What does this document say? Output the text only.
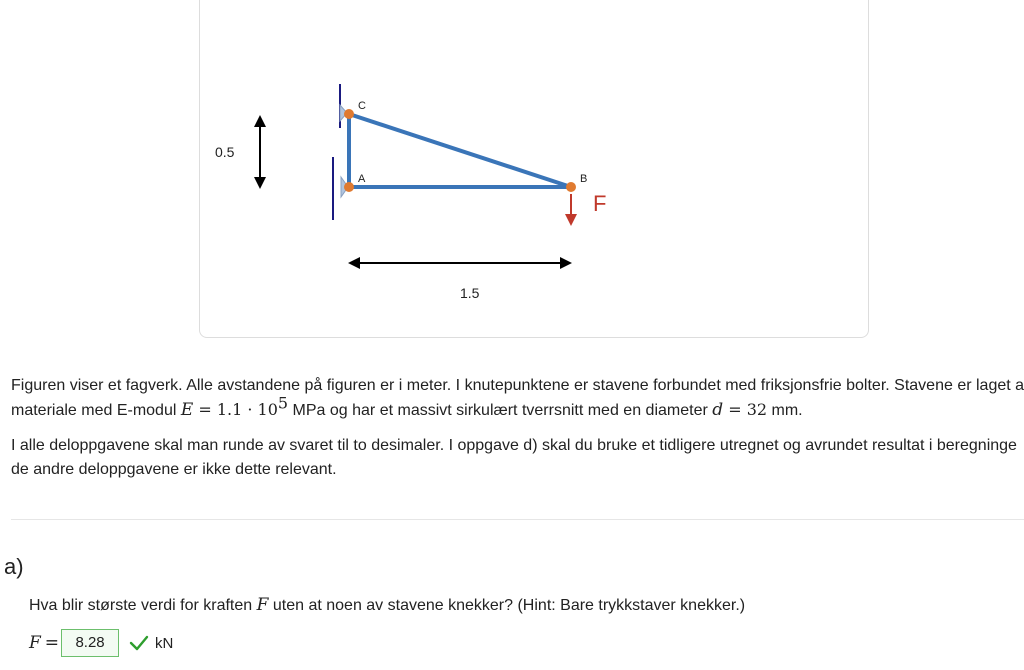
0.5
C
A	B
F
1.5
Figuren viser et fagverk. Alle avstandene på figuren er i meter. I knutepunktene er stavene forbundet med friksjonsfrie bolter. Stavene er laget a
materiale med E-modul $E = 1.1 \cdot 10^5$ MPa og har et massivt sirkulært tverrsnitt med en diameter d = 32 mm.
I alle deloppgavene skal man runde av svaret til to desimaler. I oppgave d) skal du bruke et tidligere utregnet og avrundet resultat i beregninge
de andre deloppgavene er ikke dette relevant.
a)
Hva blir største verdi for kraften F uten at noen av stavene knekker? (Hint: Bare trykkstaver knekker.)
F =	8.28	kN
